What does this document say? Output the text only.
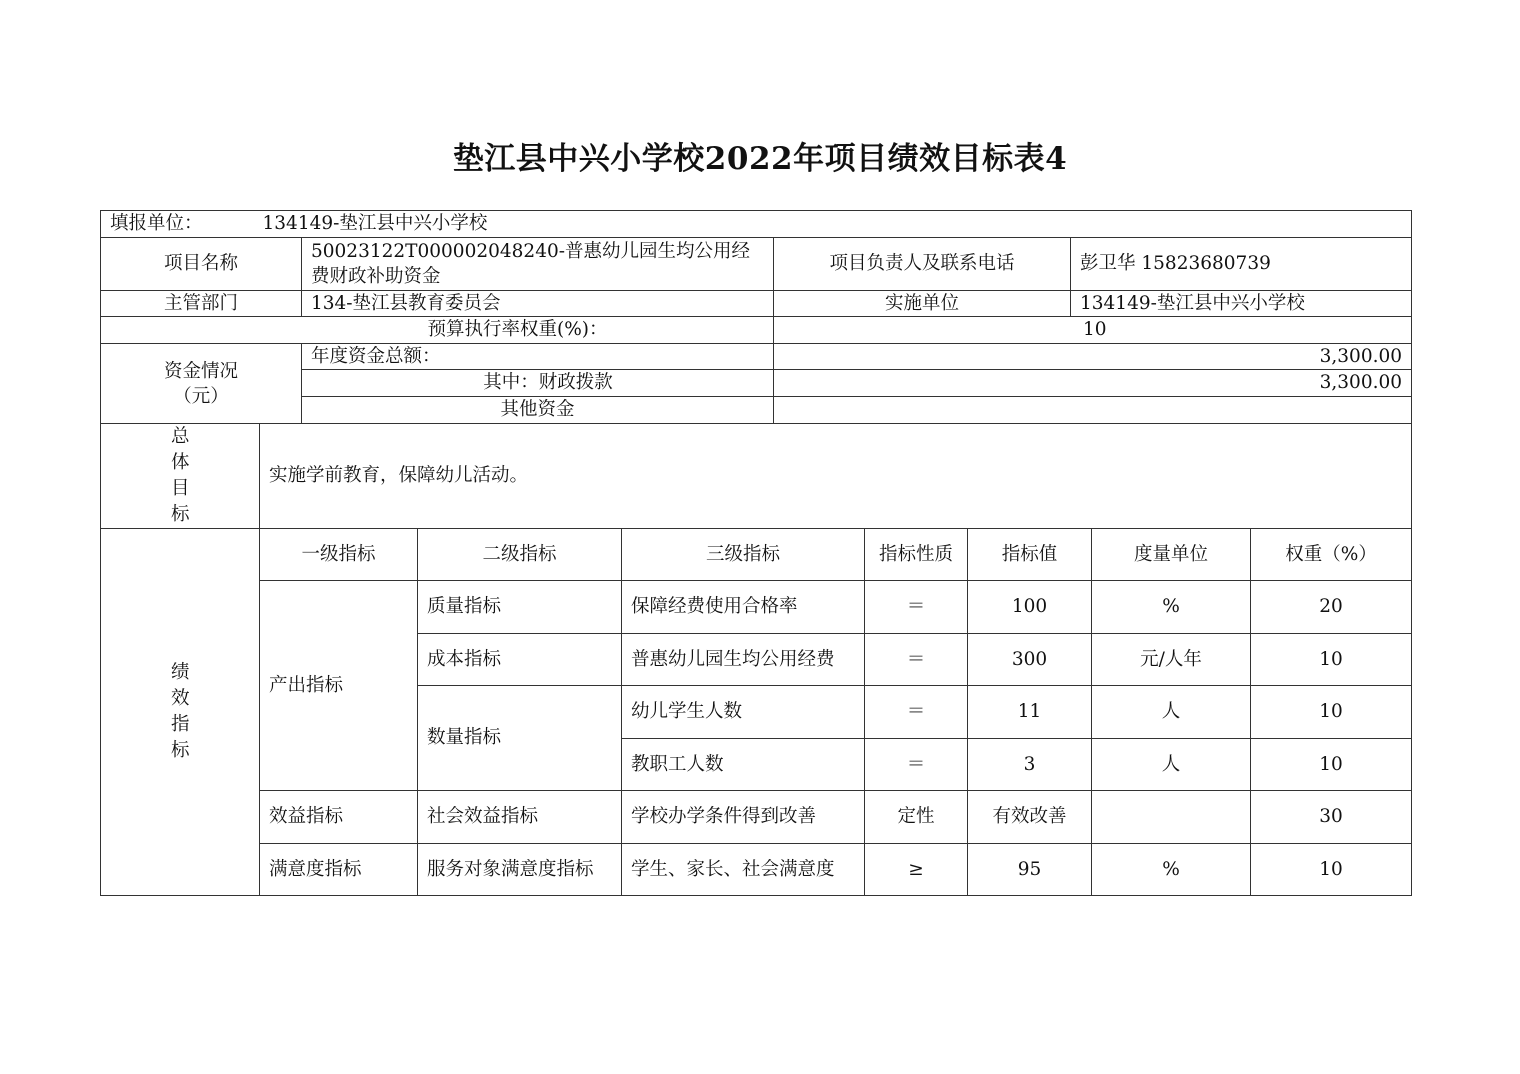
垫江县中兴小学校2022年项目绩效目标表4
填报单位： 134149-垫江县中兴小学校			
项目名称	50023122T000002048240-普惠幼儿园生均公用经费财政补助资金	项目负责人及联系电话	彭卫华 15823680739
主管部门	134-垫江县教育委员会	实施单位	134149-垫江县中兴小学校
预算执行率权重(%)：		10	
资金情况（元）	年度资金总额：	3,300.00	
	其中：财政拨款	3,300.00	
	其他资金		
总体目标	实施学前教育，保障幼儿活动。						
绩效指标	一级指标	二级指标	三级指标	指标性质	指标值	度量单位	权重（%）
	产出指标	质量指标	保障经费使用合格率	＝	100	%	20
		成本指标	普惠幼儿园生均公用经费	＝	300	元/人年	10
		数量指标	幼儿学生人数	＝	11	人	10
			教职工人数	＝	3	人	10
	效益指标	社会效益指标	学校办学条件得到改善	定性	有效改善		30
	满意度指标	服务对象满意度指标	学生、家长、社会满意度	≥	95	%	10
